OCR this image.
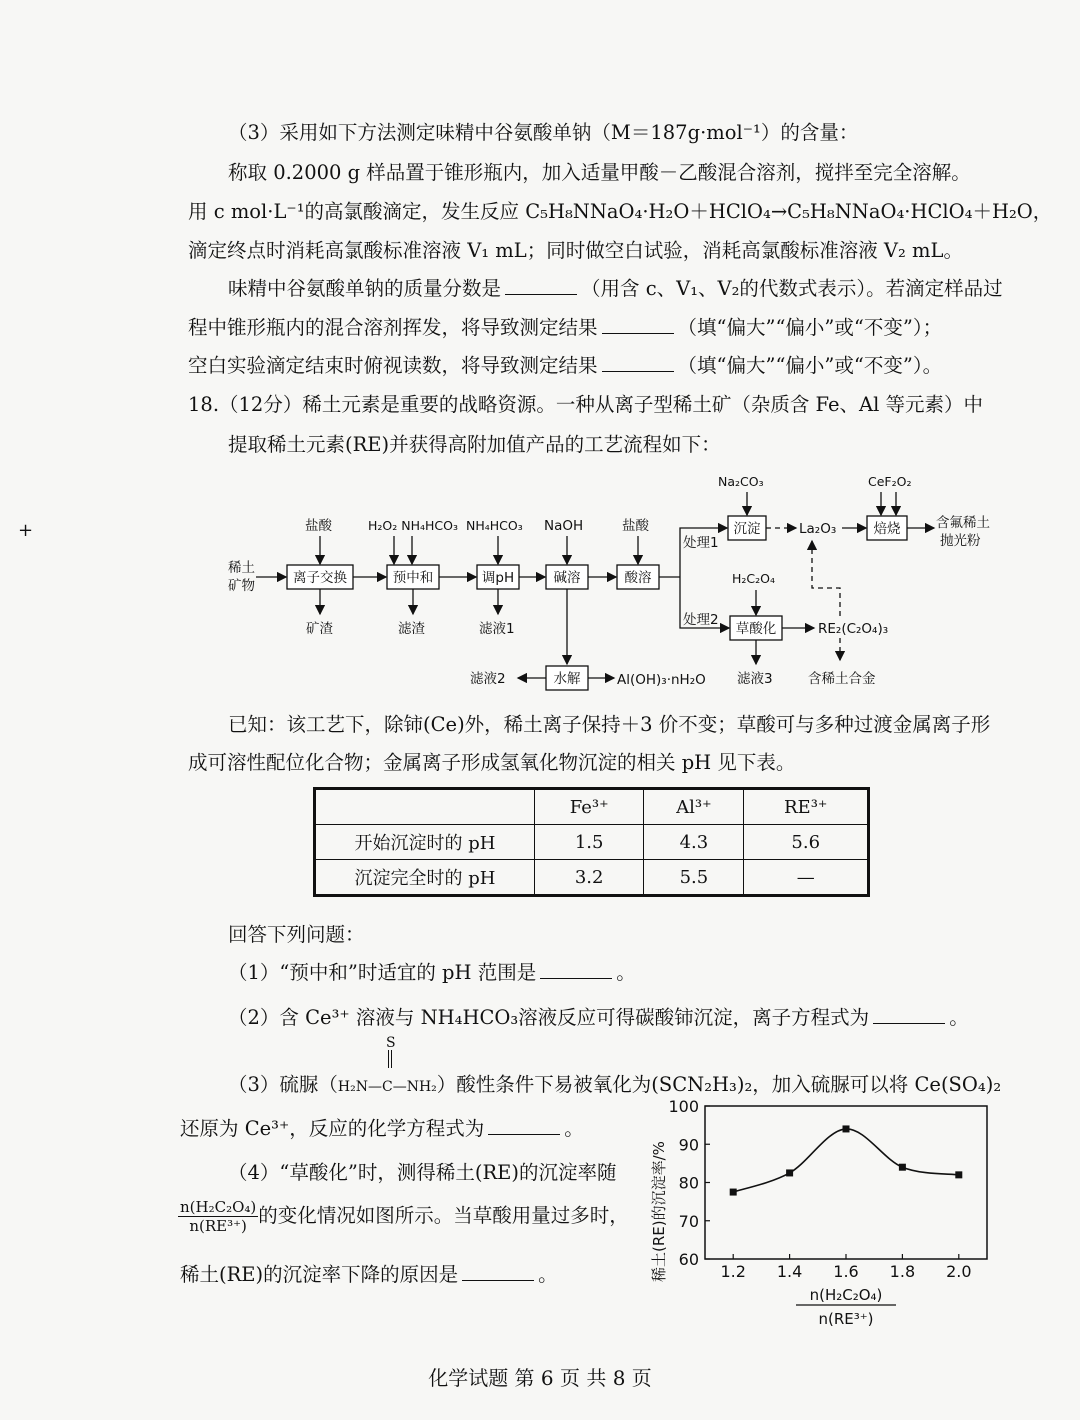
（3）采用如下方法测定味精中谷氨酸单钠（M＝187g·mol⁻¹）的含量：
称取 0.2000 g 样品置于锥形瓶内，加入适量甲酸－乙酸混合溶剂，搅拌至完全溶解。
用 c mol·L⁻¹的高氯酸滴定，发生反应 C₅H₈NNaO₄·H₂O＋HClO₄→C₅H₈NNaO₄·HClO₄＋H₂O，
滴定终点时消耗高氯酸标准溶液 V₁ mL；同时做空白试验，消耗高氯酸标准溶液 V₂ mL。
味精中谷氨酸单钠的质量分数是	（用含 c、V₁、V₂的代数式表示）。若滴定样品过
程中锥形瓶内的混合溶剂挥发，将导致测定结果	（填“偏大”“偏小”或“不变”）；
空白实验滴定结束时俯视读数，将导致测定结果	（填“偏大”“偏小”或“不变”）。
18.（12分）稀土元素是重要的战略资源。一种从离子型稀土矿（杂质含 Fe、Al 等元素）中
提取稀土元素(RE)并获得高附加值产品的工艺流程如下：
+
稀土
矿物	离子交换	预中和	调pH	碱溶	酸溶
处理1
处理2
沉淀	La₂O₃	焙烧	含氟稀土
抛光粉
草酸化	RE₂(C₂O₄)₃
含稀土合金
盐酸	H₂O₂ NH₄HCO₃ NH₄HCO₃ NaOH	盐酸
Na₂CO₃	CeF₂O₂
H₂C₂O₄
矿渣	滤渣	滤液1
滤液3
水解
滤液2	Al(OH)₃·nH₂O
已知：该工艺下，除铈(Ce)外，稀土离子保持＋3 价不变；草酸可与多种过渡金属离子形
成可溶性配位化合物；金属离子形成氢氧化物沉淀的相关 pH 见下表。
	Fe³⁺	Al³⁺	RE³⁺
开始沉淀时的 pH	1.5	4.3	5.6
沉淀完全时的 pH	3.2	5.5	—
回答下列问题：
（1）“预中和”时适宜的 pH 范围是	。
（2）含 Ce³⁺ 溶液与 NH₄HCO₃溶液反应可得碳酸铈沉淀，离子方程式为	。
S
（3）硫脲（H₂N—C—NH₂）酸性条件下易被氧化为(SCN₂H₃)₂，加入硫脲可以将 Ce(SO₄)₂
还原为 Ce³⁺，反应的化学方程式为	。
（4）“草酸化”时，测得稀土(RE)的沉淀率随
$\frac{\text{n(H₂C₂O₄)}}{\text{n(RE³⁺)}}$ 的变化情况如图所示。当草酸用量过多时，
稀土(RE)的沉淀率下降的原因是	。
60
70
80
90
100
1.2 1.4 1.6 1.8 2.0
稀土(RE)的沉淀率/%
n(H₂C₂O₄)
n(RE³⁺)
化学试题 第 6 页 共 8 页
